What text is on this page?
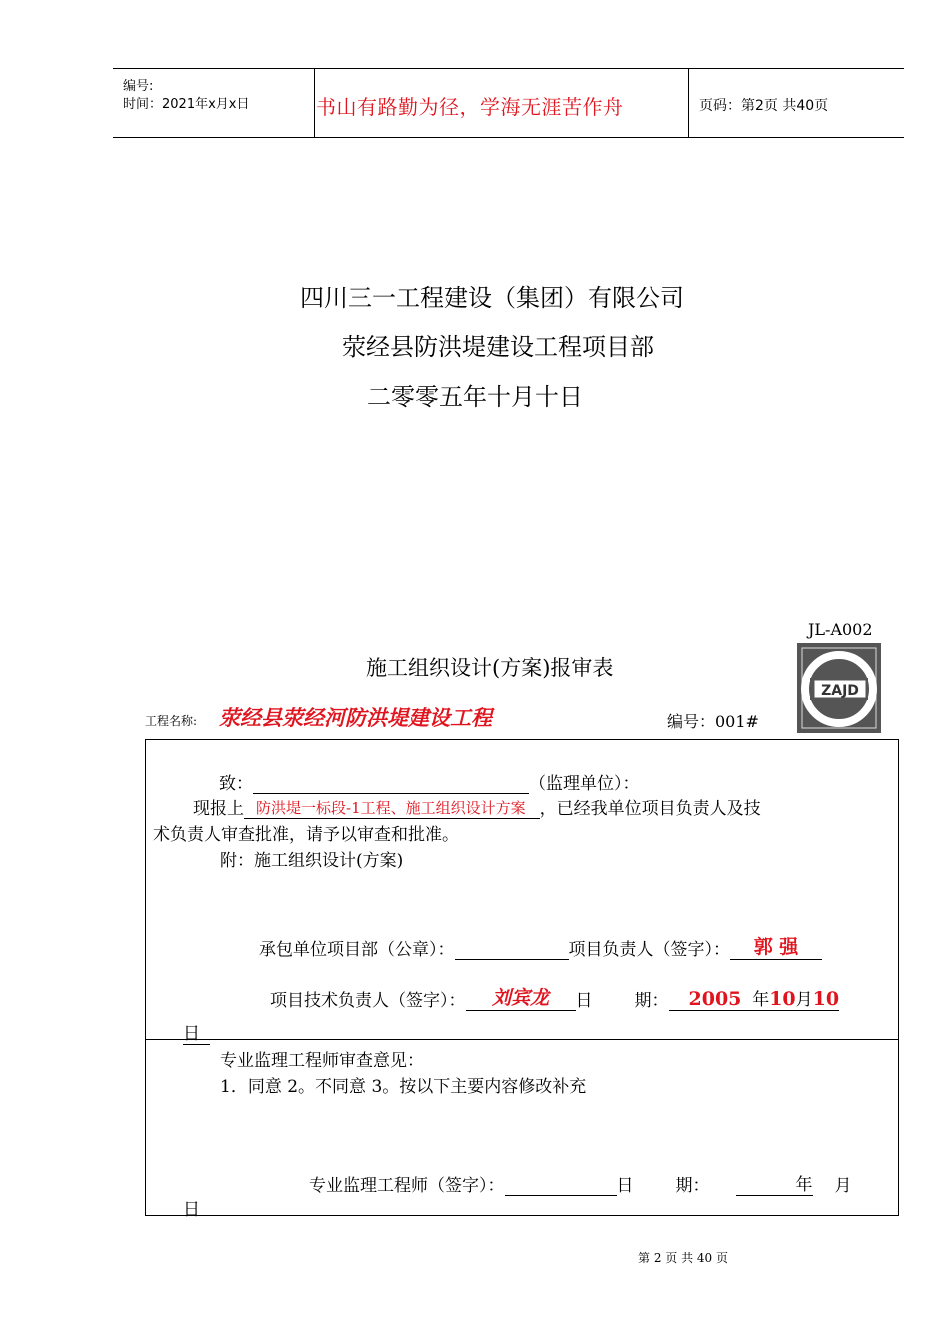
编号:
时间：2021年x月x日	书山有路勤为径，学海无涯苦作舟	页码：第2页 共40页
四川三一工程建设（集团）有限公司
荥经县防洪堤建设工程项目部
二零零五年十月十日
JL-A002
施工组织设计(方案)报审表
ZAJD
工程名称: 荥经县荥经河防洪堤建设工程	编号：001#
致：	（监理单位）：
现报上 防洪堤一标段-1工程、施工组织设计方案 ，已经我单位项目负责人及技
术负责人审查批准，请予以审查和批准。
附：施工组织设计(方案)
承包单位项目部（公章）：	项目负责人（签字）： 郭 强
项目技术负责人（签字）： 刘宾龙 日 期： 2005 年10月10
日
专业监理工程师审查意见：
1．同意 2。不同意 3。按以下主要内容修改补充
专业监理工程师（签字）：	日 期：	年 月
日
第 2 页 共 40 页
